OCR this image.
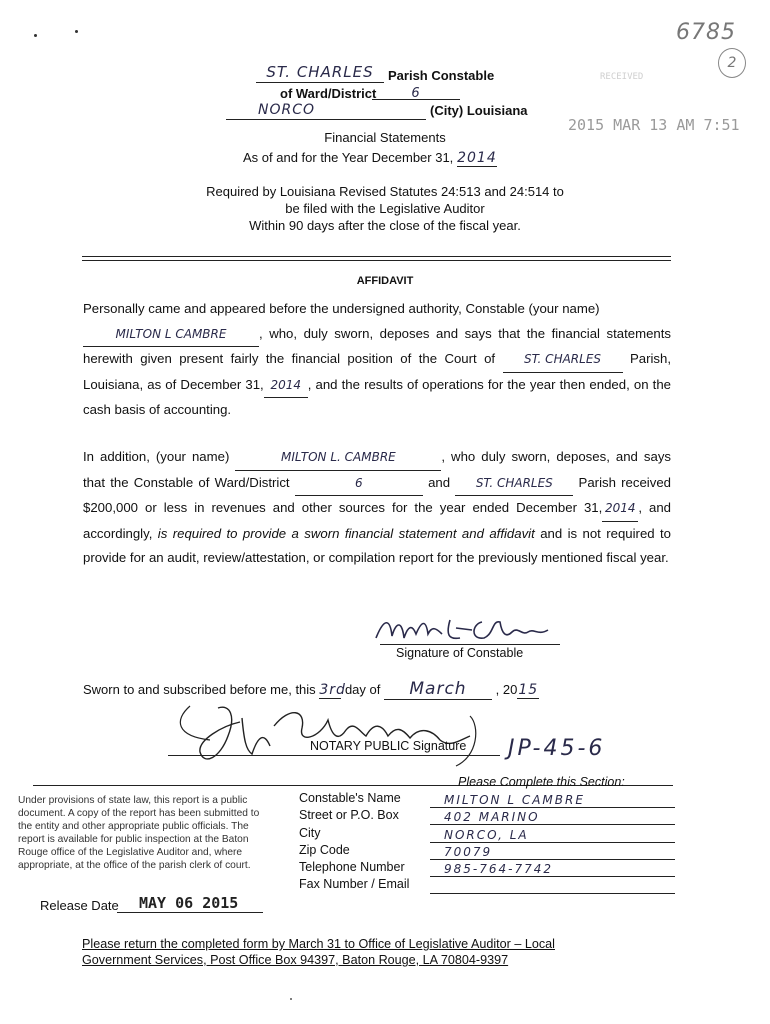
6785
2
RECEIVED
2015 MAR 13 AM 7:51
ST. CHARLES	Parish Constable
of Ward/District	6
NORCO	(City) Louisiana
Financial Statements
As of and for the Year December 31, 2014
Required by Louisiana Revised Statutes 24:513 and 24:514 to
be filed with the Legislative Auditor
Within 90 days after the close of the fiscal year.
AFFIDAVIT
Personally came and appeared before the undersigned authority, Constable (your name)
MILTON L CAMBRE , who, duly sworn, deposes and says that the financial statements herewith given present fairly the financial position of the Court of ST. CHARLES Parish, Louisiana, as of December 31, 2014 , and the results of operations for the year then ended, on the cash basis of accounting.
In addition, (your name)	MILTON L. CAMBRE	, who duly sworn, deposes, and says that the Constable of Ward/District	6	and ST. CHARLES Parish received $200,000 or less in revenues and other sources for the year ended December 31, 2014 , and accordingly, is required to provide a sworn financial statement and affidavit and is not required to provide for an audit, review/attestation, or compilation report for the previously mentioned fiscal year.
Signature of Constable
Sworn to and subscribed before me, this 3rd day of March , 2015
NOTARY PUBLIC Signature JP-45-6
Under provisions of state law, this report is a public
document. A copy of the report has been submitted to
the entity and other appropriate public officials. The
report is available for public inspection at the Baton
Rouge office of the Legislative Auditor and, where
appropriate, at the office of the parish clerk of court.
Please Complete this Section:
Constable's Name	MILTON L CAMBRE
Street or P.O. Box	402 MARINO
City	NORCO, LA
Zip Code	70079
Telephone Number	985-764-7742
Fax Number / Email
Release Date MAY 06 2015
Please return the completed form by March 31 to Office of Legislative Auditor – Local
Government Services, Post Office Box 94397, Baton Rouge, LA 70804-9397
